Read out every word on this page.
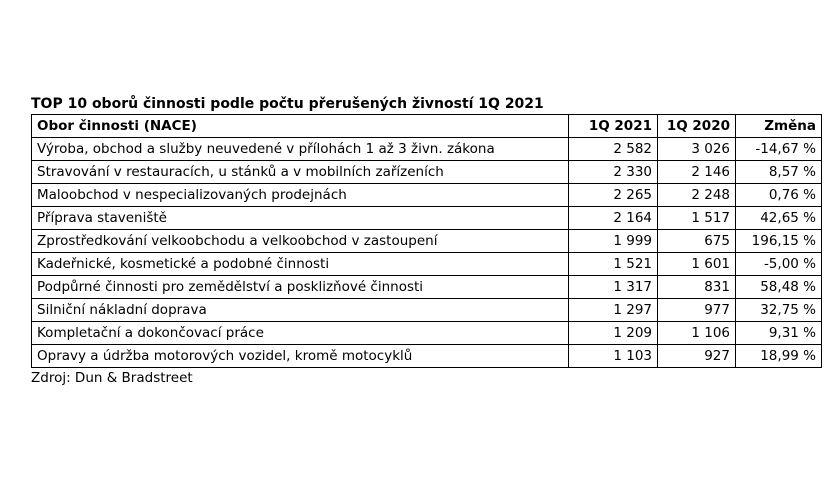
TOP 10 oborů činnosti podle počtu přerušených živností 1Q 2021
Obor činnosti (NACE)	1Q 2021	1Q 2020	Změna
Výroba, obchod a služby neuvedené v přílohách 1 až 3 živn. zákona	2 582	3 026	-14,67 %
Stravování v restauracích, u stánků a v mobilních zařízeních	2 330	2 146	8,57 %
Maloobchod v nespecializovaných prodejnách	2 265	2 248	0,76 %
Příprava staveniště	2 164	1 517	42,65 %
Zprostředkování velkoobchodu a velkoobchod v zastoupení	1 999	675	196,15 %
Kadeřnické, kosmetické a podobné činnosti	1 521	1 601	-5,00 %
Podpůrné činnosti pro zemědělství a posklizňové činnosti	1 317	831	58,48 %
Silniční nákladní doprava	1 297	977	32,75 %
Kompletační a dokončovací práce	1 209	1 106	9,31 %
Opravy a údržba motorových vozidel, kromě motocyklů	1 103	927	18,99 %
Zdroj: Dun & Bradstreet
